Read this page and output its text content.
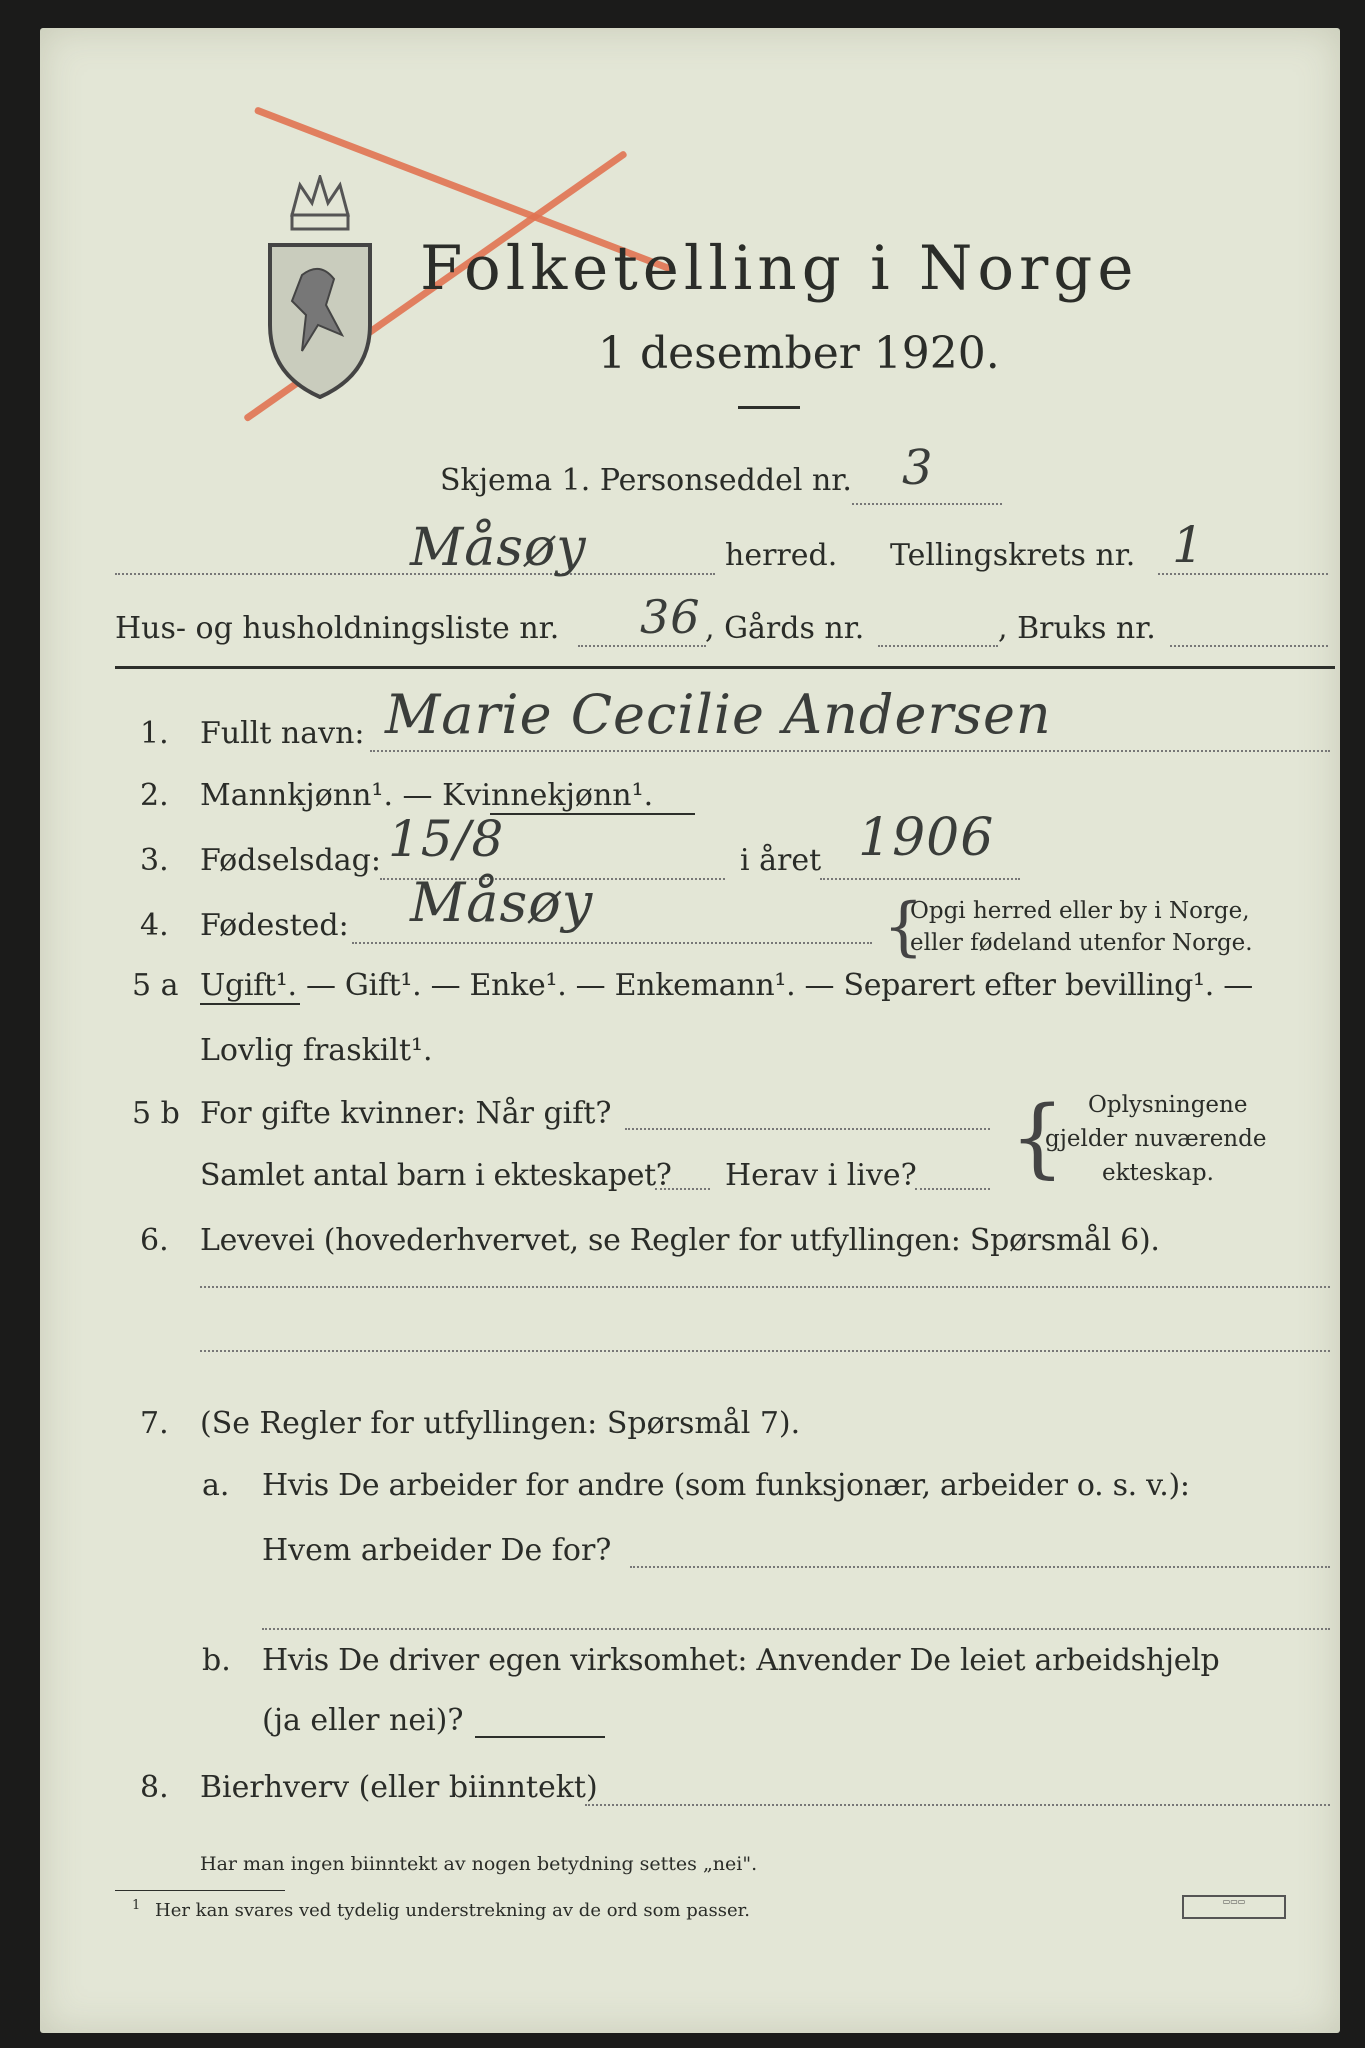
Folketelling i Norge
1 desember 1920.
Skjema 1. Personseddel nr. 3
Måsøy	herred. Tellingskrets nr. 1
Hus- og husholdningsliste nr. 36 , Gårds nr.	, Bruks nr.
1. Fullt navn: Marie Cecilie Andersen
2. Mannkjønn¹. — Kvinnekjønn¹.
3. Fødselsdag: 15/8	i året 1906
4. Fødested: Måsøy	{
Opgi herred eller by i Norge,
eller fødeland utenfor Norge.
5 a Ugift¹. — Gift¹. — Enke¹. — Enkemann¹. — Separert efter bevilling¹. —
Lovlig fraskilt¹.
5 b For gifte kvinner: Når gift?
Samlet antal barn i ekteskapet? Herav i live? { Oplysningene
gjelder nuværende
ekteskap.
6. Levevei (hovederhvervet, se Regler for utfyllingen: Spørsmål 6).
7. (Se Regler for utfyllingen: Spørsmål 7).
a. Hvis De arbeider for andre (som funksjonær, arbeider o. s. v.):
Hvem arbeider De for?
b. Hvis De driver egen virksomhet: Anvender De leiet arbeidshjelp
(ja eller nei)?
8. Bierhverv (eller biinntekt)
Har man ingen biinntekt av nogen betydning settes „nei".
1 Her kan svares ved tydelig understrekning av de ord som passer.	▭▭▭
